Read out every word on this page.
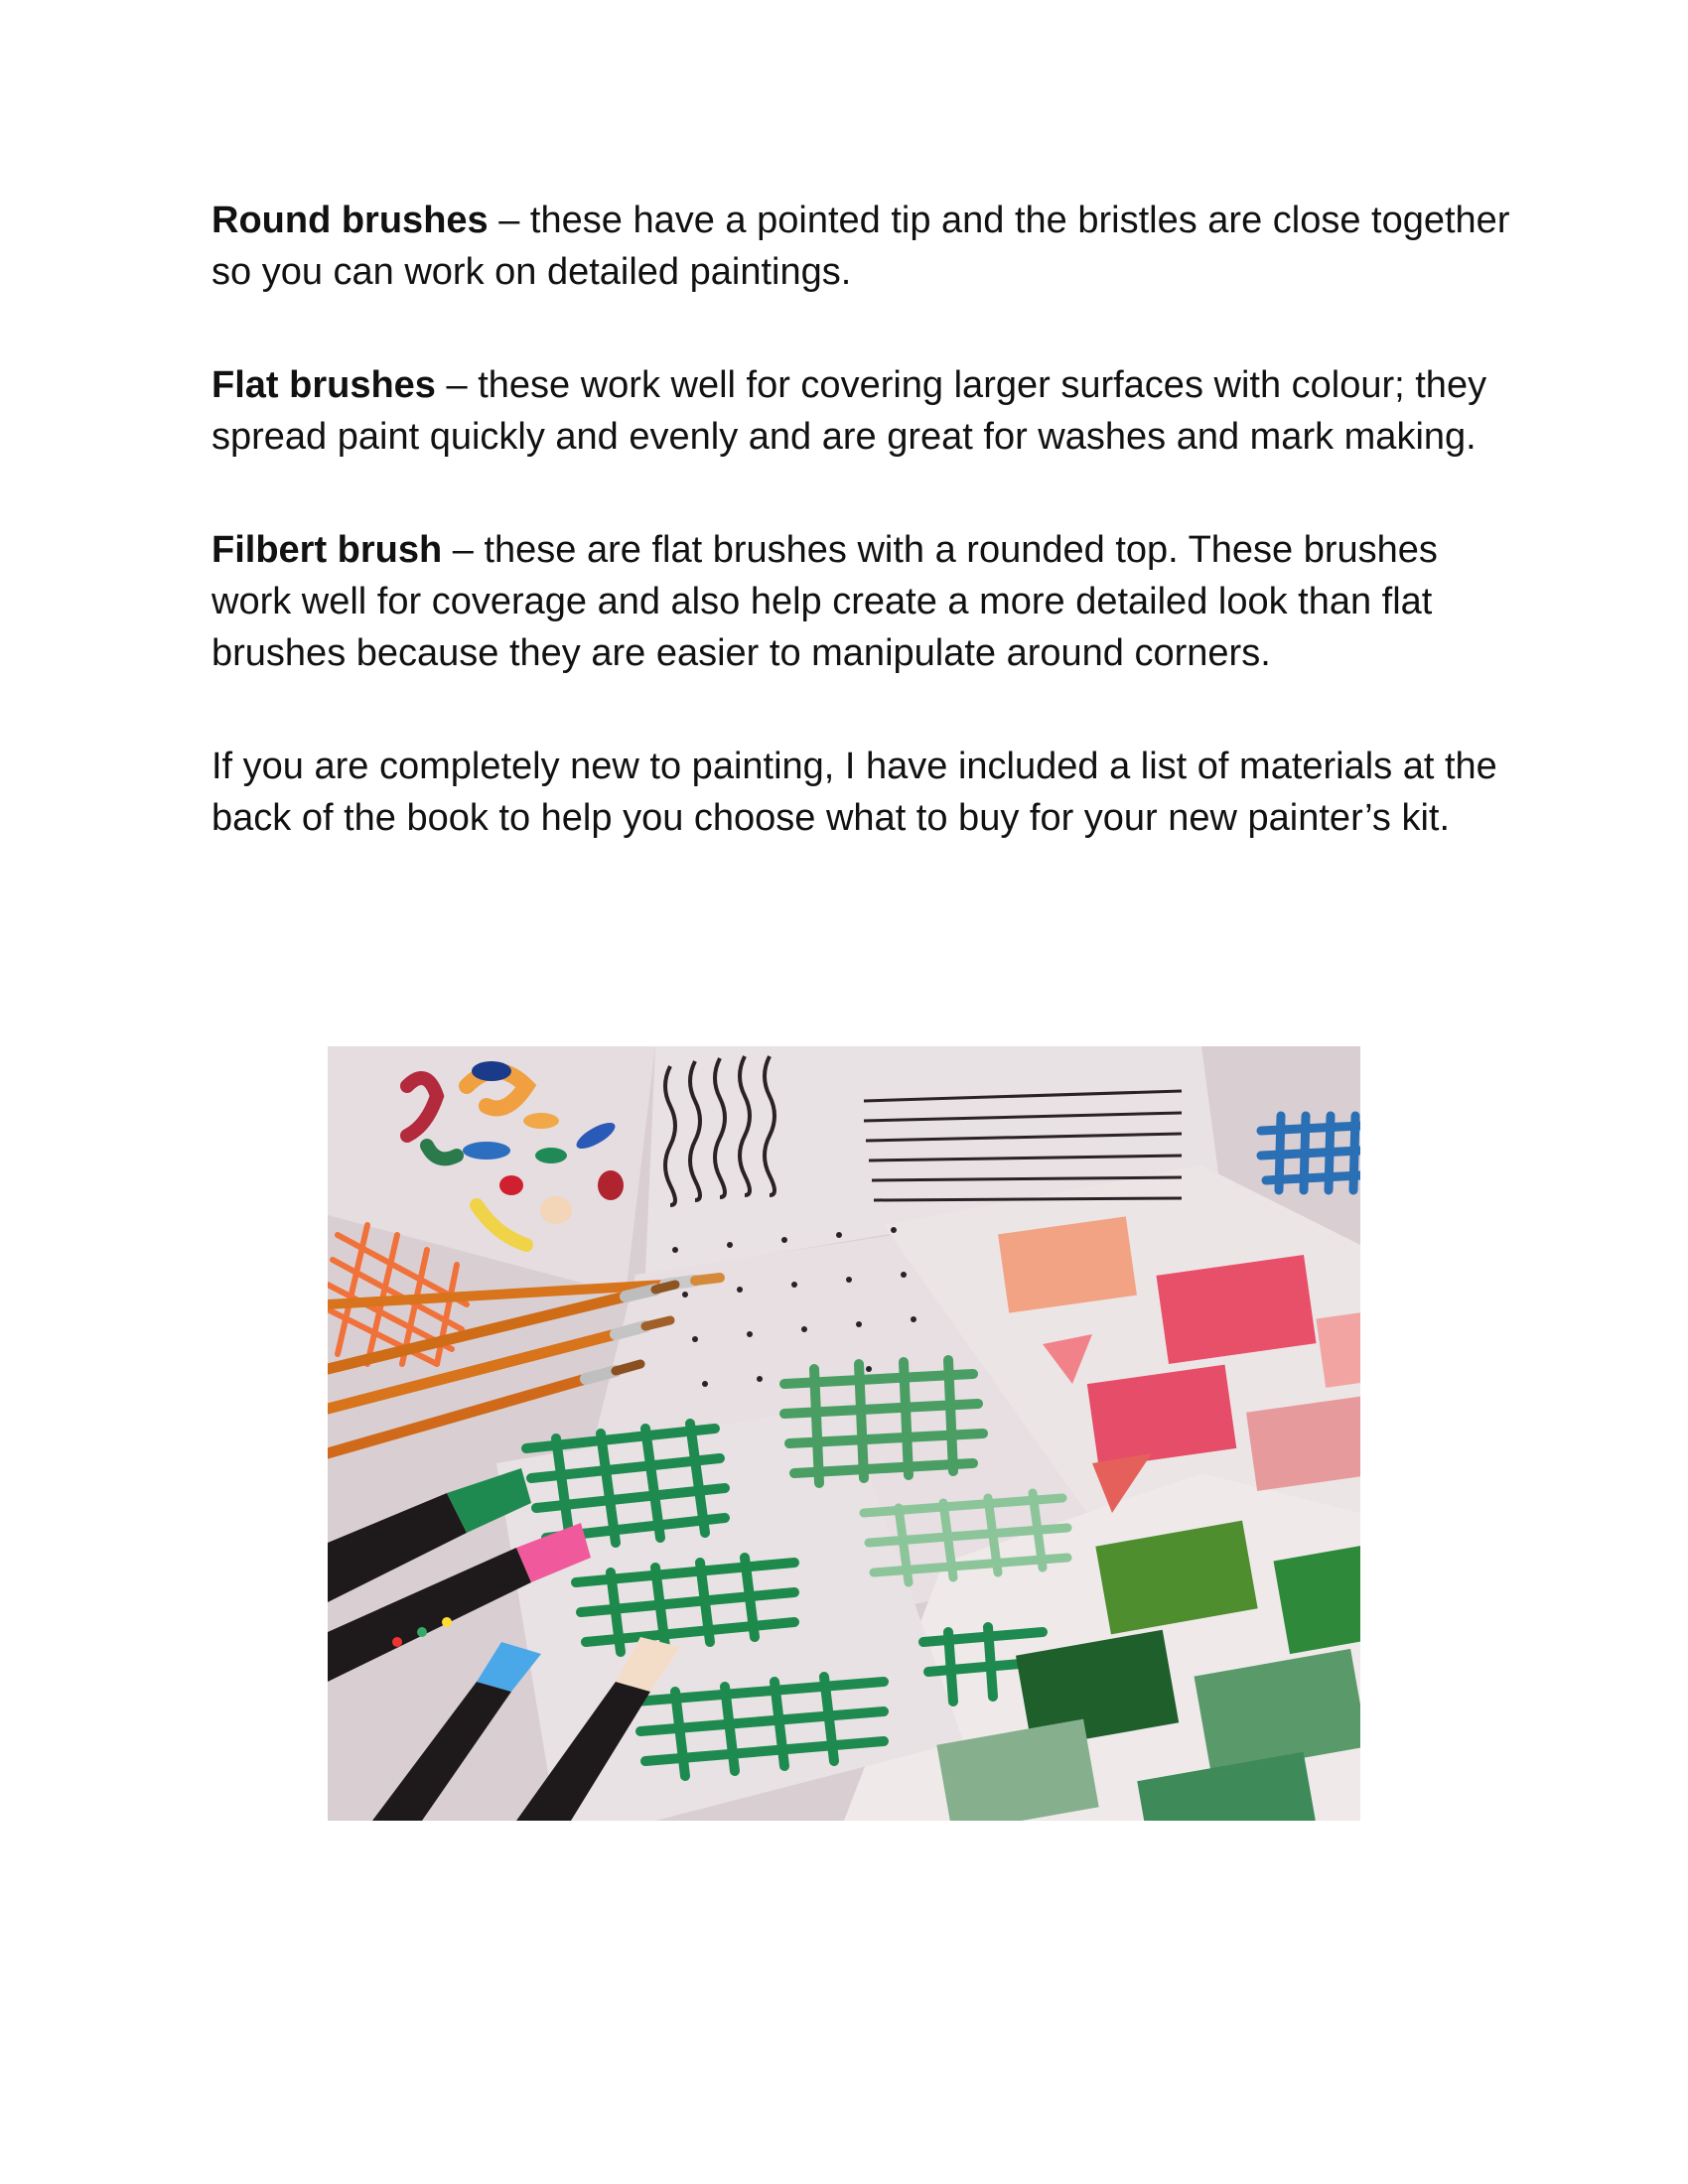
Round brushes – these have a pointed tip and the bristles are close together so you can work on detailed paintings.

Flat brushes – these work well for covering larger surfaces with colour; they spread paint quickly and evenly and are great for washes and mark making.

Filbert brush – these are flat brushes with a rounded top. These brushes work well for coverage and also help create a more detailed look than flat brushes because they are easier to manipulate around corners.

If you are completely new to painting, I have included a list of materials at the back of the book to help you choose what to buy for your new painter’s kit.
